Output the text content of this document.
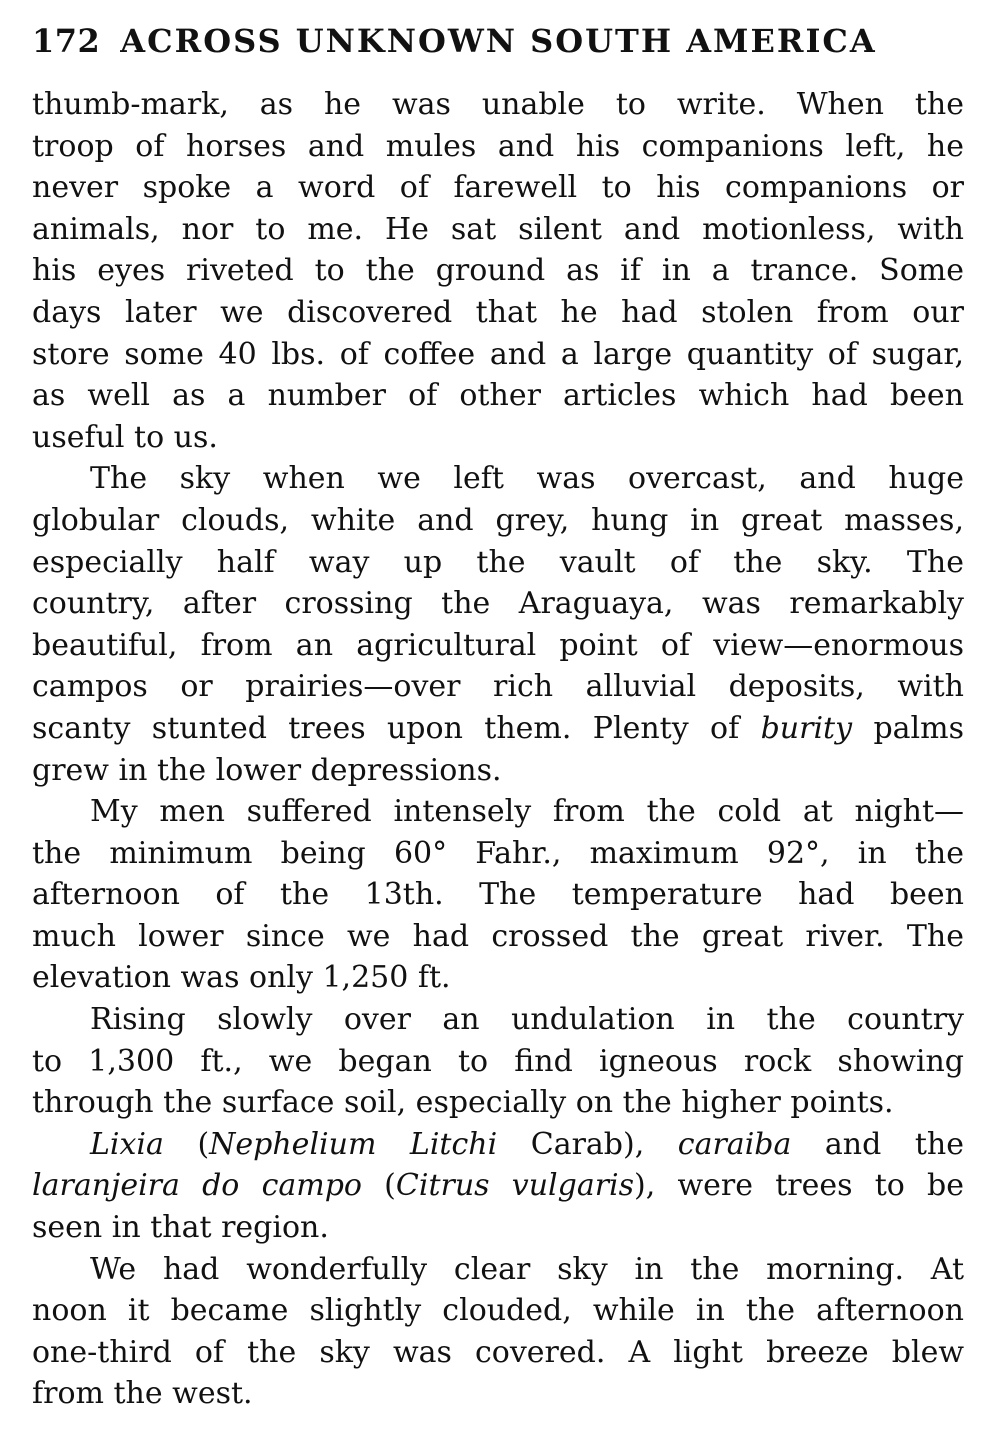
172 ACROSS UNKNOWN SOUTH AMERICA
thumb-mark, as he was unable to write. When the
troop of horses and mules and his companions left, he
never spoke a word of farewell to his companions or
animals, nor to me. He sat silent and motionless, with
his eyes riveted to the ground as if in a trance. Some
days later we discovered that he had stolen from our
store some 40 lbs. of coffee and a large quantity of sugar,
as well as a number of other articles which had been
useful to us.
The sky when we left was overcast, and huge
globular clouds, white and grey, hung in great masses,
especially half way up the vault of the sky. The
country, after crossing the Araguaya, was remarkably
beautiful, from an agricultural point of view—enormous
campos or prairies—over rich alluvial deposits, with
scanty stunted trees upon them. Plenty of burity palms
grew in the lower depressions.
My men suffered intensely from the cold at night—
the minimum being 60° Fahr., maximum 92°, in the
afternoon of the 13th. The temperature had been
much lower since we had crossed the great river. The
elevation was only 1,250 ft.
Rising slowly over an undulation in the country
to 1,300 ft., we began to find igneous rock showing
through the surface soil, especially on the higher points.
Lixia (Nephelium Litchi Carab), caraiba and the
laranjeira do campo (Citrus vulgaris), were trees to be
seen in that region.
We had wonderfully clear sky in the morning. At
noon it became slightly clouded, while in the afternoon
one-third of the sky was covered. A light breeze blew
from the west.
